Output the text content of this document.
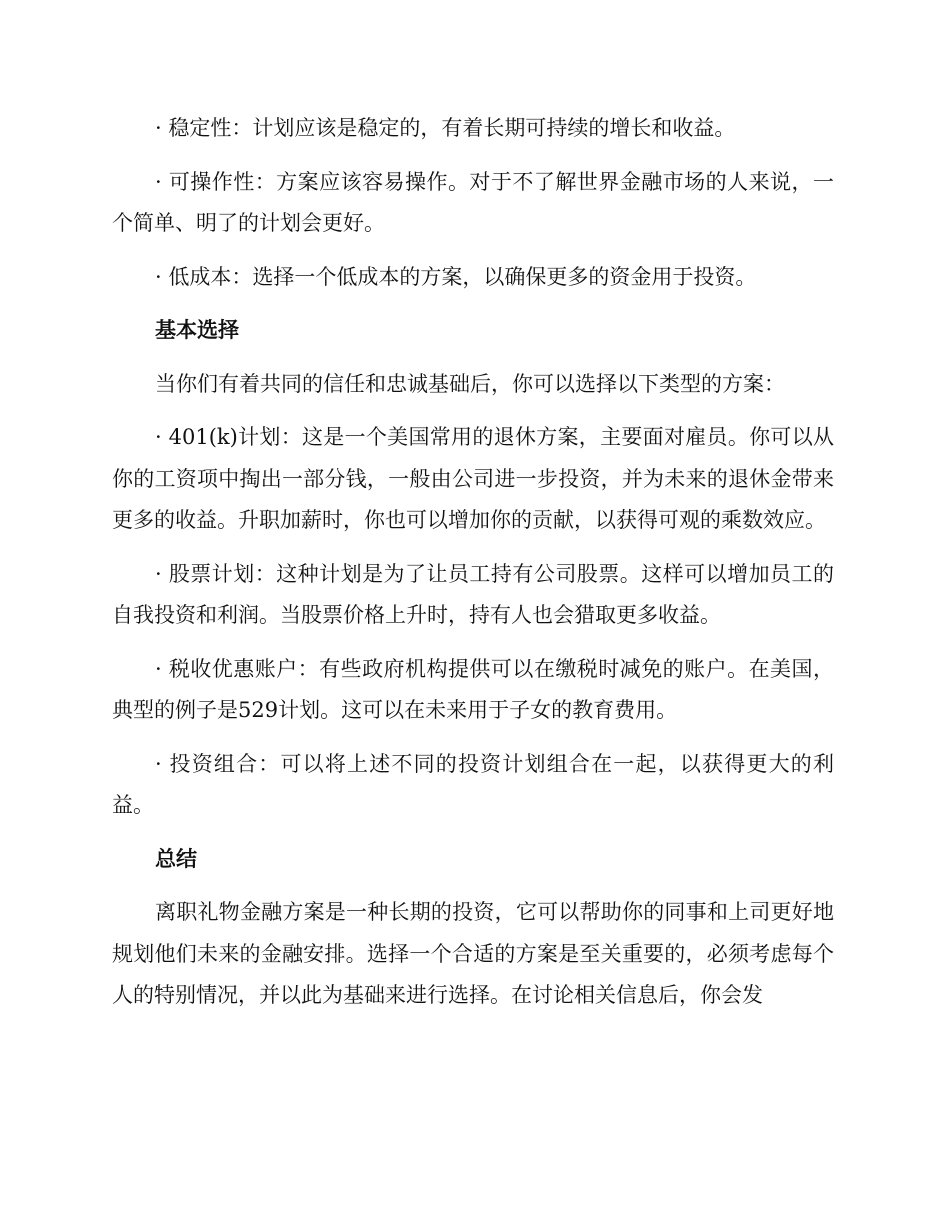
· 稳定性：计划应该是稳定的，有着长期可持续的增长和收益。

· 可操作性：方案应该容易操作。对于不了解世界金融市场的人来说，一个简单、明了的计划会更好。

· 低成本：选择一个低成本的方案，以确保更多的资金用于投资。

基本选择

当你们有着共同的信任和忠诚基础后，你可以选择以下类型的方案：

· 401(k)计划：这是一个美国常用的退休方案，主要面对雇员。你可以从你的工资项中掏出一部分钱，一般由公司进一步投资，并为未来的退休金带来更多的收益。升职加薪时，你也可以增加你的贡献，以获得可观的乘数效应。

· 股票计划：这种计划是为了让员工持有公司股票。这样可以增加员工的自我投资和利润。当股票价格上升时，持有人也会猎取更多收益。

· 税收优惠账户：有些政府机构提供可以在缴税时减免的账户。在美国，典型的例子是529计划。这可以在未来用于子女的教育费用。

· 投资组合：可以将上述不同的投资计划组合在一起，以获得更大的利益。

总结

离职礼物金融方案是一种长期的投资，它可以帮助你的同事和上司更好地规划他们未来的金融安排。选择一个合适的方案是至关重要的，必须考虑每个人的特别情况，并以此为基础来进行选择。在讨论相关信息后，你会发
